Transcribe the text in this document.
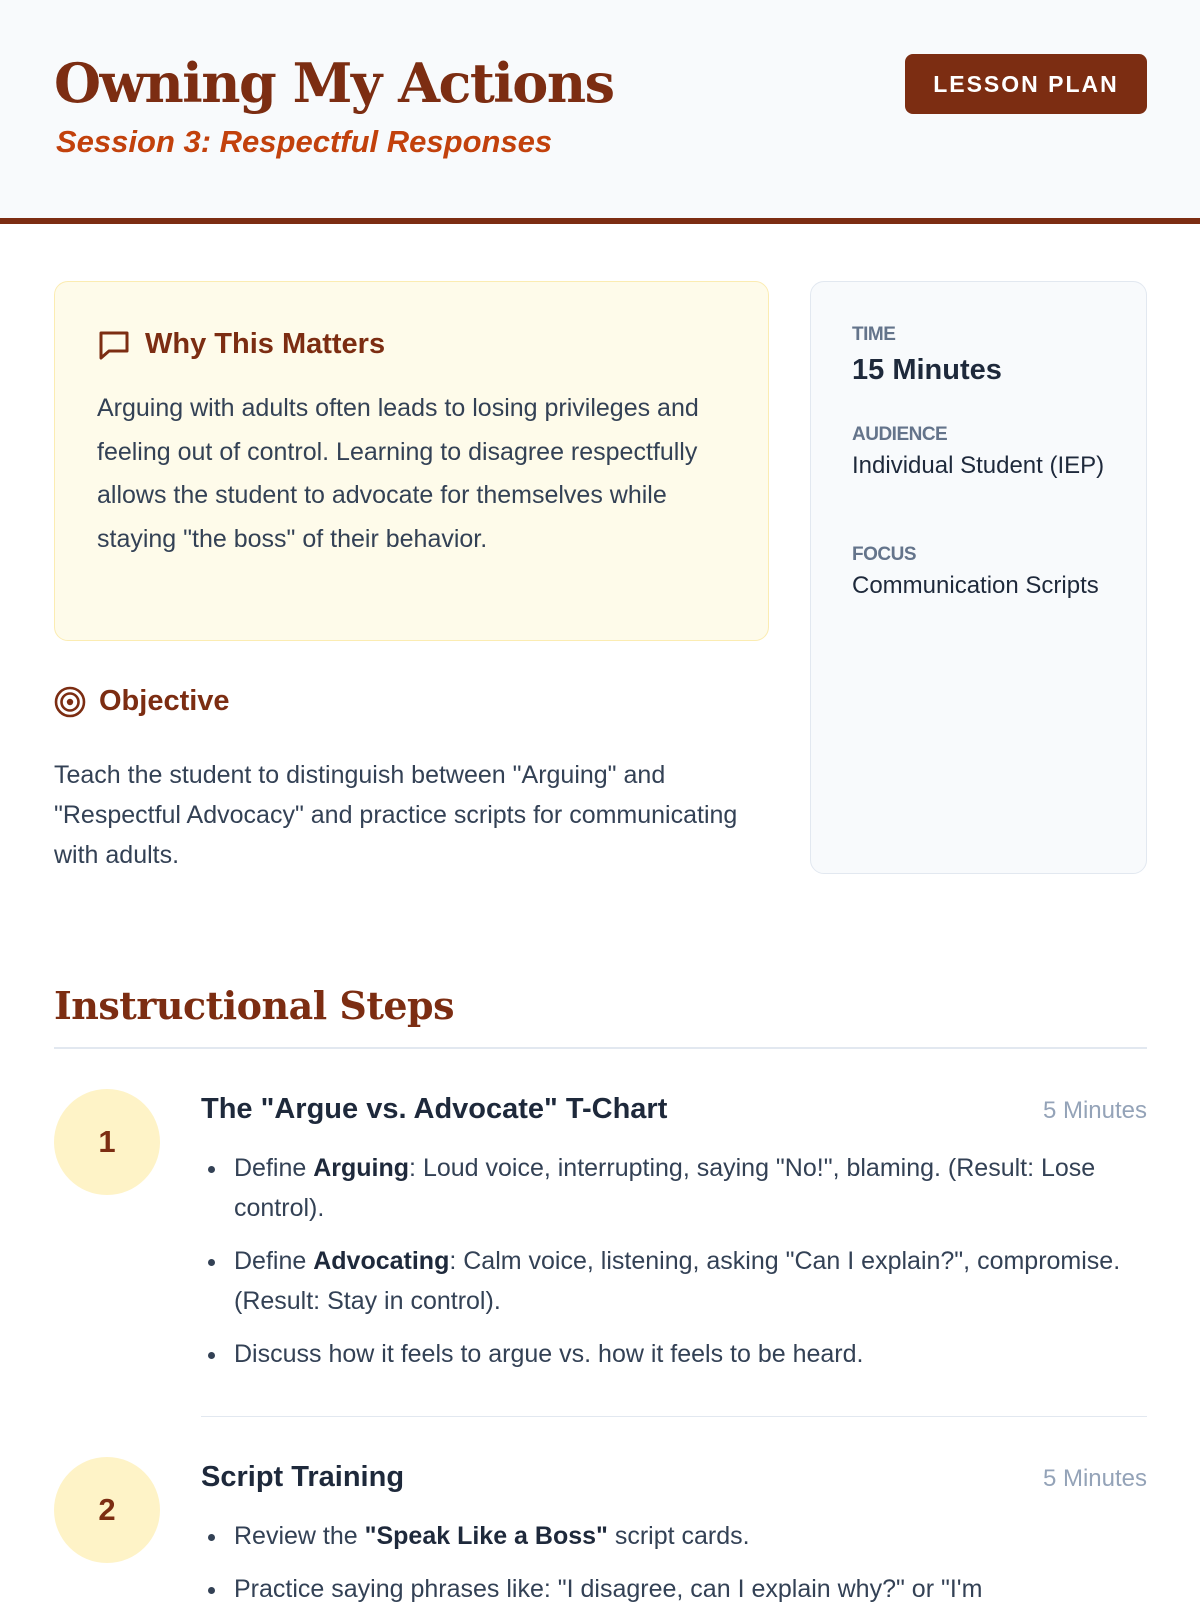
Owning My Actions
Session 3: Respectful Responses
LESSON PLAN
Why This Matters

Arguing with adults often leads to losing privileges and feeling out of control. Learning to disagree respectfully allows the student to advocate for themselves while staying "the boss" of their behavior.

Objective

Teach the student to distinguish between "Arguing" and "Respectful Advocacy" and practice scripts for communicating with adults.

TIME
15 Minutes
AUDIENCE
Individual Student (IEP)
FOCUS
Communication Scripts
Instructional Steps
1
The "Argue vs. Advocate" T-Chart	5 Minutes
Define Arguing: Loud voice, interrupting, saying "No!", blaming. (Result: Lose control).
Define Advocating: Calm voice, listening, asking "Can I explain?", compromise. (Result: Stay in control).
Discuss how it feels to argue vs. how it feels to be heard.
2
Script Training	5 Minutes
Review the "Speak Like a Boss" script cards.
Practice saying phrases like: "I disagree, can I explain why?" or "I'm
